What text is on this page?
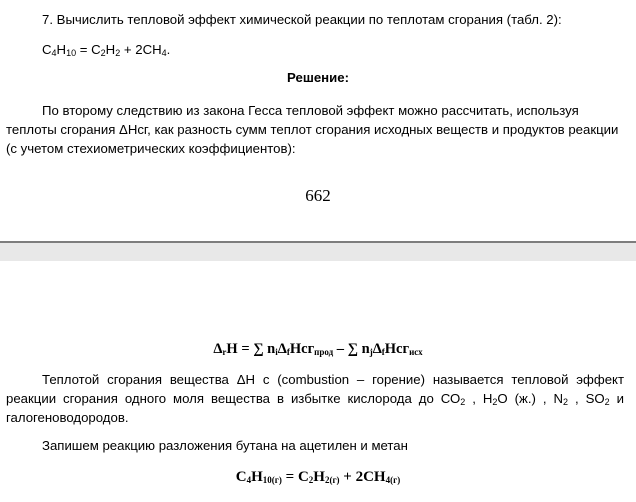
7. Вычислить тепловой эффект химической реакции по теплотам сгорания (табл. 2):
$C_4H_{10} = C_2H_2 + 2CH_4$.
Решение:
По второму следствию из закона Гесса тепловой эффект можно рассчитать, используя теплоты сгорания ΔНсг, как разность сумм теплот сгорания исходных веществ и продуктов реакции (с учетом стехиометрических коэффициентов):
662
$\Delta_rH$ = ∑ $n_i\Delta_fHсг_{прод}$ – ∑ $n_j\Delta_fHсг_{исх}$
Теплотой сгорания вещества ΔН с (combustion – горение) называется тепловой эффект реакции сгорания одного моля вещества в избытке кислорода до $СО_2$ , $Н_2О$ (ж.) , $N_2$ , $SO_2$ и галогеноводородов.
Запишем реакцию разложения бутана на ацетилен и метан
$C_4H_{10(г)} = C_2H_{2(г)} + 2CH_{4(г)}$
